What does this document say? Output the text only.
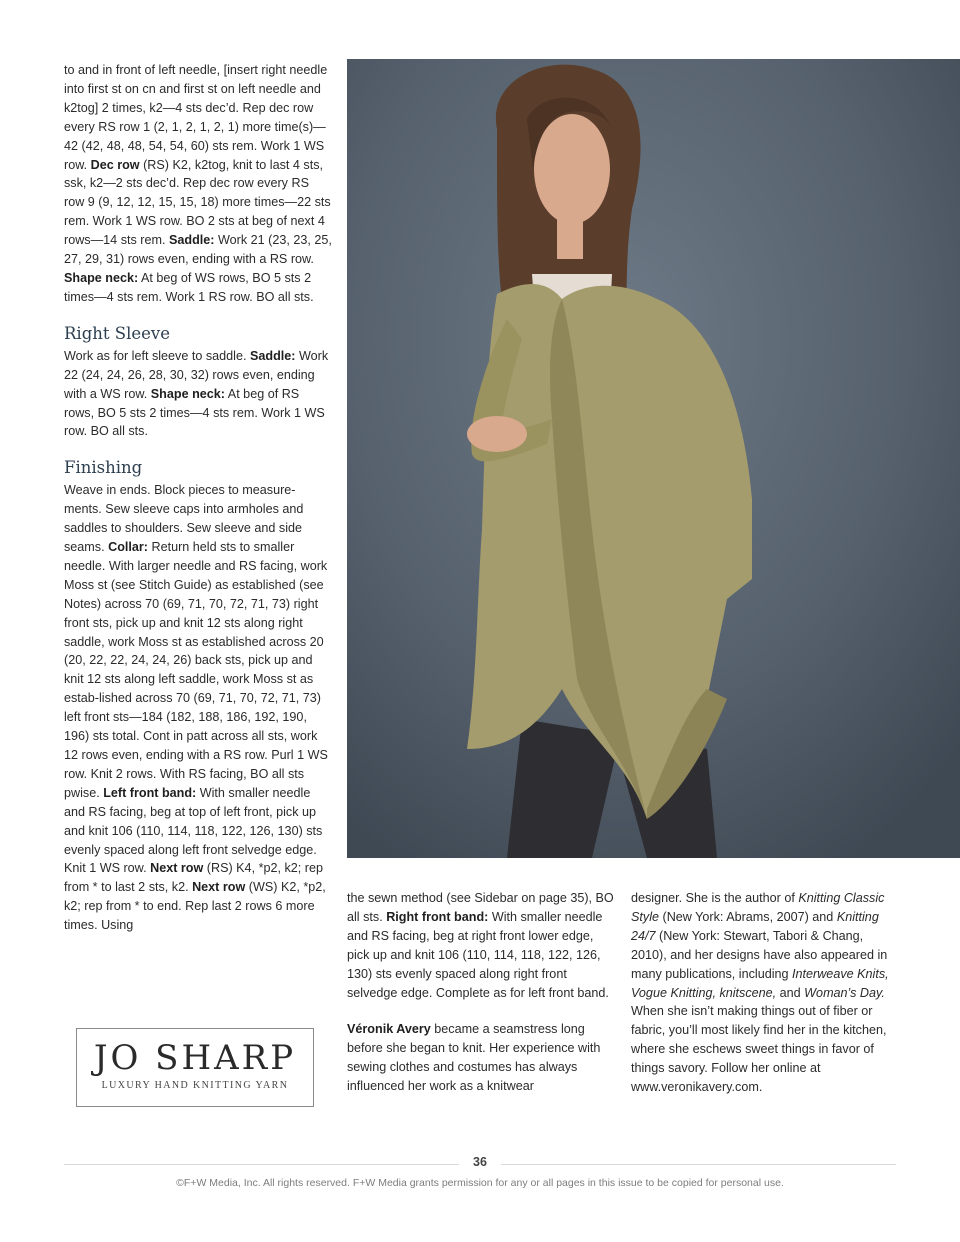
to and in front of left needle, [insert right needle into first st on cn and first st on left needle and k2tog] 2 times, k2—4 sts dec’d. Rep dec row every RS row 1 (2, 1, 2, 1, 2, 1) more time(s)—42 (42, 48, 48, 54, 54, 60) sts rem. Work 1 WS row. Dec row (RS) K2, k2tog, knit to last 4 sts, ssk, k2—2 sts dec’d. Rep dec row every RS row 9 (9, 12, 12, 15, 15, 18) more times—22 sts rem. Work 1 WS row. BO 2 sts at beg of next 4 rows—14 sts rem. Saddle: Work 21 (23, 23, 25, 27, 29, 31) rows even, ending with a RS row. Shape neck: At beg of WS rows, BO 5 sts 2 times—4 sts rem. Work 1 RS row. BO all sts.

Right Sleeve

Work as for left sleeve to saddle. Saddle: Work 22 (24, 24, 26, 28, 30, 32) rows even, ending with a WS row. Shape neck: At beg of RS rows, BO 5 sts 2 times—4 sts rem. Work 1 WS row. BO all sts.

Finishing

Weave in ends. Block pieces to measure-ments. Sew sleeve caps into armholes and saddles to shoulders. Sew sleeve and side seams. Collar: Return held sts to smaller needle. With larger needle and RS facing, work Moss st (see Stitch Guide) as established (see Notes) across 70 (69, 71, 70, 72, 71, 73) right front sts, pick up and knit 12 sts along right saddle, work Moss st as established across 20 (20, 22, 22, 24, 24, 26) back sts, pick up and knit 12 sts along left saddle, work Moss st as estab-lished across 70 (69, 71, 70, 72, 71, 73) left front sts—184 (182, 188, 186, 192, 190, 196) sts total. Cont in patt across all sts, work 12 rows even, ending with a RS row. Purl 1 WS row. Knit 2 rows. With RS facing, BO all sts pwise. Left front band: With smaller needle and RS facing, beg at top of left front, pick up and knit 106 (110, 114, 118, 122, 126, 130) sts evenly spaced along left front selvedge edge. Knit 1 WS row. Next row (RS) K4, *p2, k2; rep from * to last 2 sts, k2. Next row (WS) K2, *p2, k2; rep from * to end. Rep last 2 rows 6 more times. Using

the sewn method (see Sidebar on page 35), BO all sts. Right front band: With smaller needle and RS facing, beg at right front lower edge, pick up and knit 106 (110, 114, 118, 122, 126, 130) sts evenly spaced along right front selvedge edge. Complete as for left front band.

Véronik Avery became a seamstress long before she began to knit. Her experience with sewing clothes and costumes has always influenced her work as a knitwear

designer. She is the author of Knitting Classic Style (New York: Abrams, 2007) and Knitting 24/7 (New York: Stewart, Tabori & Chang, 2010), and her designs have also appeared in many publications, including Interweave Knits, Vogue Knitting, knitscene, and Woman’s Day. When she isn’t making things out of fiber or fabric, you’ll most likely find her in the kitchen, where she eschews sweet things in favor of things savory. Follow her online at www.veronikavery.com.

JO SHARP
LUXURY HAND KNITTING YARN
36
©F+W Media, Inc. All rights reserved. F+W Media grants permission for any or all pages in this issue to be copied for personal use.
